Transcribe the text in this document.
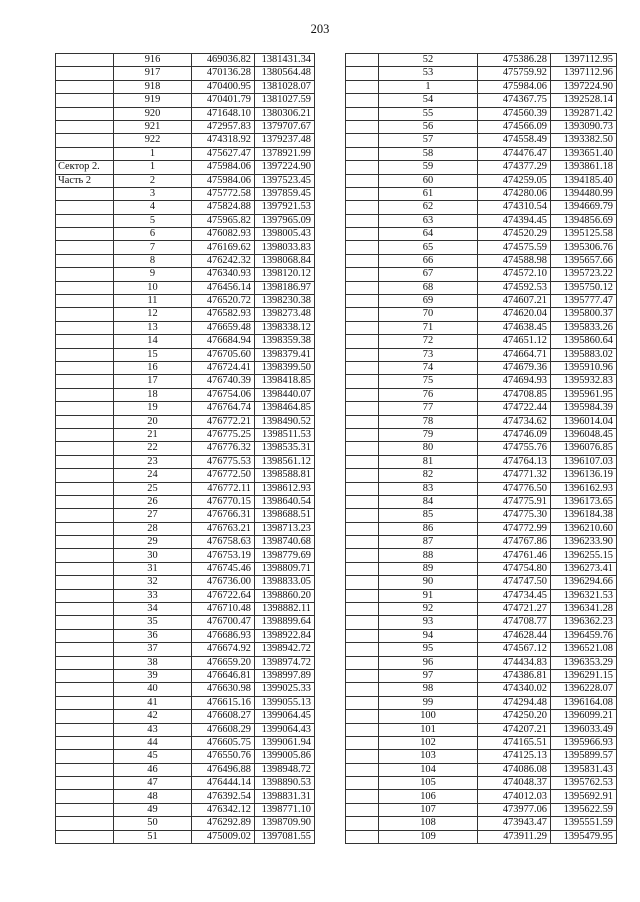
203
	916	469036.82	1381431.34
	917	470136.28	1380564.48
	918	470400.95	1381028.07
	919	470401.79	1381027.59
	920	471648.10	1380306.21
	921	472957.83	1379707.67
	922	474318.92	1379237.48
	1	475627.47	1378921.99
Сектор 2.	1	475984.06	1397224.90
Часть 2	2	475984.06	1397523.45
	3	475772.58	1397859.45
	4	475824.88	1397921.53
	5	475965.82	1397965.09
	6	476082.93	1398005.43
	7	476169.62	1398033.83
	8	476242.32	1398068.84
	9	476340.93	1398120.12
	10	476456.14	1398186.97
	11	476520.72	1398230.38
	12	476582.93	1398273.48
	13	476659.48	1398338.12
	14	476684.94	1398359.38
	15	476705.60	1398379.41
	16	476724.41	1398399.50
	17	476740.39	1398418.85
	18	476754.06	1398440.07
	19	476764.74	1398464.85
	20	476772.21	1398490.52
	21	476775.25	1398511.53
	22	476776.32	1398535.31
	23	476775.53	1398561.12
	24	476772.50	1398588.81
	25	476772.11	1398612.93
	26	476770.15	1398640.54
	27	476766.31	1398688.51
	28	476763.21	1398713.23
	29	476758.63	1398740.68
	30	476753.19	1398779.69
	31	476745.46	1398809.71
	32	476736.00	1398833.05
	33	476722.64	1398860.20
	34	476710.48	1398882.11
	35	476700.47	1398899.64
	36	476686.93	1398922.84
	37	476674.92	1398942.72
	38	476659.20	1398974.72
	39	476646.81	1398997.89
	40	476630.98	1399025.33
	41	476615.16	1399055.13
	42	476608.27	1399064.45
	43	476608.29	1399064.43
	44	476605.75	1399061.94
	45	476550.76	1399005.86
	46	476496.88	1398948.72
	47	476444.14	1398890.53
	48	476392.54	1398831.31
	49	476342.12	1398771.10
	50	476292.89	1398709.90
	51	475009.02	1397081.55
	52	475386.28	1397112.95
	53	475759.92	1397112.96
	1	475984.06	1397224.90
	54	474367.75	1392528.14
	55	474560.39	1392871.42
	56	474566.09	1393090.73
	57	474558.49	1393382.50
	58	474476.47	1393651.40
	59	474377.29	1393861.18
	60	474259.05	1394185.40
	61	474280.06	1394480.99
	62	474310.54	1394669.79
	63	474394.45	1394856.69
	64	474520.29	1395125.58
	65	474575.59	1395306.76
	66	474588.98	1395657.66
	67	474572.10	1395723.22
	68	474592.53	1395750.12
	69	474607.21	1395777.47
	70	474620.04	1395800.37
	71	474638.45	1395833.26
	72	474651.12	1395860.64
	73	474664.71	1395883.02
	74	474679.36	1395910.96
	75	474694.93	1395932.83
	76	474708.85	1395961.95
	77	474722.44	1395984.39
	78	474734.62	1396014.04
	79	474746.09	1396048.45
	80	474755.76	1396076.85
	81	474764.13	1396107.03
	82	474771.32	1396136.19
	83	474776.50	1396162.93
	84	474775.91	1396173.65
	85	474775.30	1396184.38
	86	474772.99	1396210.60
	87	474767.86	1396233.90
	88	474761.46	1396255.15
	89	474754.80	1396273.41
	90	474747.50	1396294.66
	91	474734.45	1396321.53
	92	474721.27	1396341.28
	93	474708.77	1396362.23
	94	474628.44	1396459.76
	95	474567.12	1396521.08
	96	474434.83	1396353.29
	97	474386.81	1396291.15
	98	474340.02	1396228.07
	99	474294.48	1396164.08
	100	474250.20	1396099.21
	101	474207.21	1396033.49
	102	474165.51	1395966.93
	103	474125.13	1395899.57
	104	474086.08	1395831.43
	105	474048.37	1395762.53
	106	474012.03	1395692.91
	107	473977.06	1395622.59
	108	473943.47	1395551.59
	109	473911.29	1395479.95
